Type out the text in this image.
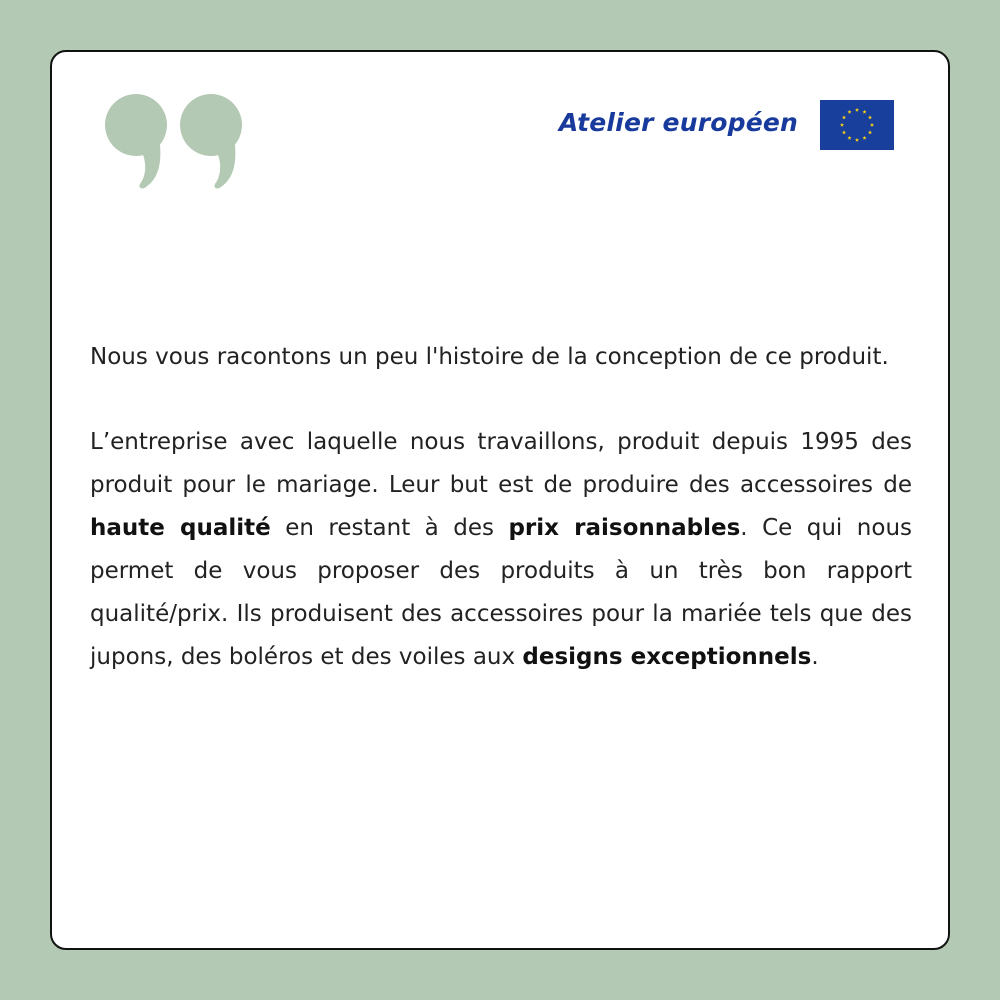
Atelier européen

Nous vous racontons un peu l'histoire de la conception de ce produit.

L’entreprise avec laquelle nous travaillons, produit depuis 1995 des produit pour le mariage. Leur but est de produire des accessoires de haute qualité en restant à des prix raisonnables. Ce qui nous permet de vous proposer des produits à un très bon rapport qualité/prix. Ils produisent des accessoires pour la mariée tels que des jupons, des boléros et des voiles aux designs exceptionnels.
